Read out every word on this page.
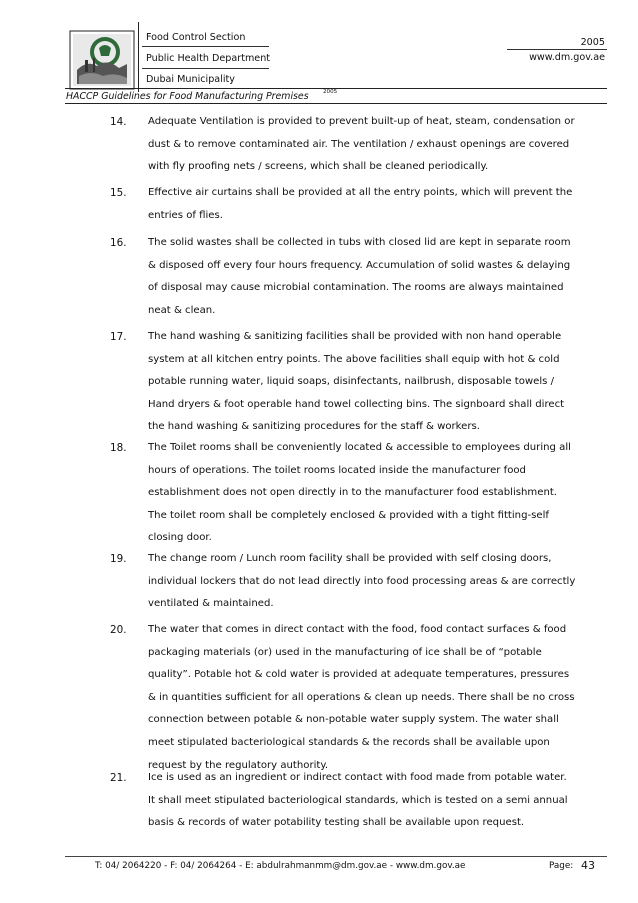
Food Control Section
Public Health Department
Dubai Municipality
2005
www.dm.gov.ae
HACCP Guidelines for Food Manufacturing Premises	2005
14. Adequate Ventilation is provided to prevent built-up of heat, steam, condensation or
dust & to remove contaminated air. The ventilation / exhaust openings are covered
with fly proofing nets / screens, which shall be cleaned periodically.
15. Effective air curtains shall be provided at all the entry points, which will prevent the
entries of flies.
16. The solid wastes shall be collected in tubs with closed lid are kept in separate room
& disposed off every four hours frequency. Accumulation of solid wastes & delaying
of disposal may cause microbial contamination. The rooms are always maintained
neat & clean.
17. The hand washing & sanitizing facilities shall be provided with non hand operable
system at all kitchen entry points. The above facilities shall equip with hot & cold
potable running water, liquid soaps, disinfectants, nailbrush, disposable towels /
Hand dryers & foot operable hand towel collecting bins. The signboard shall direct
the hand washing & sanitizing procedures for the staff & workers.
18. The Toilet rooms shall be conveniently located & accessible to employees during all
hours of operations. The toilet rooms located inside the manufacturer food
establishment does not open directly in to the manufacturer food establishment.
The toilet room shall be completely enclosed & provided with a tight fitting-self
closing door.
19. The change room / Lunch room facility shall be provided with self closing doors,
individual lockers that do not lead directly into food processing areas & are correctly
ventilated & maintained.
20. The water that comes in direct contact with the food, food contact surfaces & food
packaging materials (or) used in the manufacturing of ice shall be of “potable
quality”. Potable hot & cold water is provided at adequate temperatures, pressures
& in quantities sufficient for all operations & clean up needs. There shall be no cross
connection between potable & non-potable water supply system. The water shall
meet stipulated bacteriological standards & the records shall be available upon
request by the regulatory authority.
21. Ice is used as an ingredient or indirect contact with food made from potable water.
It shall meet stipulated bacteriological standards, which is tested on a semi annual
basis & records of water potability testing shall be available upon request.
T: 04/ 2064220 - F: 04/ 2064264 - E: abdulrahmanmm@dm.gov.ae - www.dm.gov.ae	Page: 43
